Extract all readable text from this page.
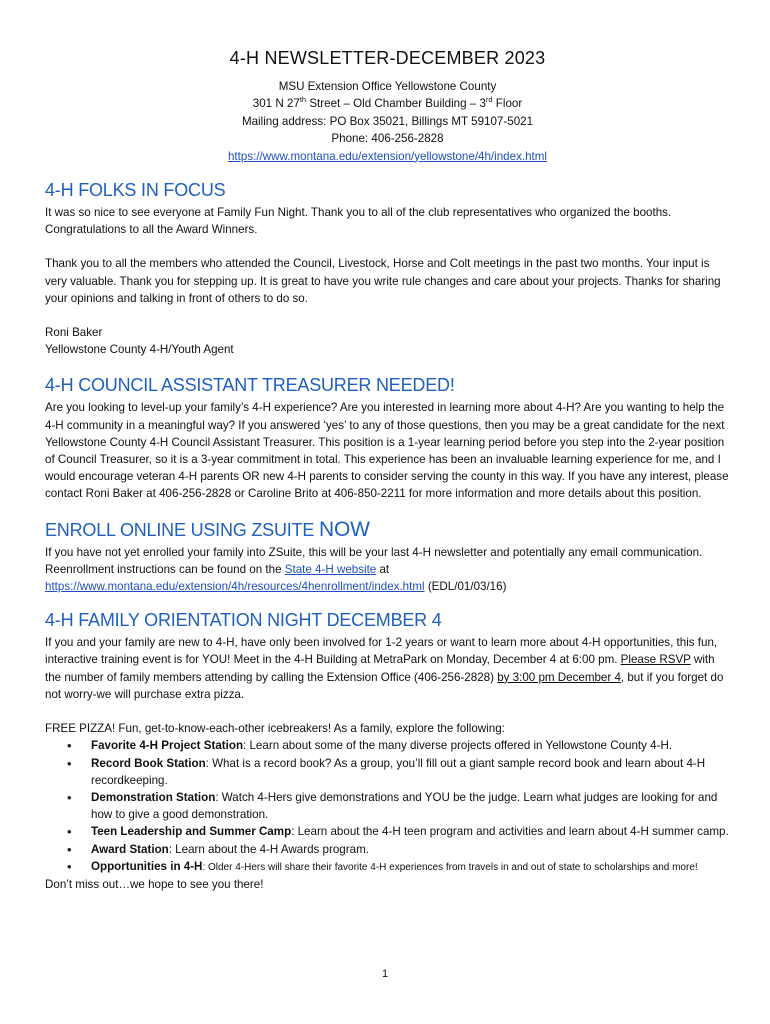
4-H NEWSLETTER-DECEMBER 2023
MSU Extension Office Yellowstone County
301 N 27th Street – Old Chamber Building – 3rd Floor
Mailing address: PO Box 35021, Billings MT 59107-5021
Phone: 406-256-2828
https://www.montana.edu/extension/yellowstone/4h/index.html
4-H FOLKS IN FOCUS

It was so nice to see everyone at Family Fun Night. Thank you to all of the club representatives who organized the booths. Congratulations to all the Award Winners.

Thank you to all the members who attended the Council, Livestock, Horse and Colt meetings in the past two months. Your input is very valuable. Thank you for stepping up. It is great to have you write rule changes and care about your projects. Thanks for sharing your opinions and talking in front of others to do so.

Roni Baker

Yellowstone County 4-H/Youth Agent

4-H COUNCIL ASSISTANT TREASURER NEEDED!

Are you looking to level-up your family’s 4-H experience? Are you interested in learning more about 4-H? Are you wanting to help the 4-H community in a meaningful way? If you answered ‘yes’ to any of those questions, then you may be a great candidate for the next Yellowstone County 4-H Council Assistant Treasurer. This position is a 1-year learning period before you step into the 2-year position of Council Treasurer, so it is a 3-year commitment in total. This experience has been an invaluable learning experience for me, and I would encourage veteran 4-H parents OR new 4-H parents to consider serving the county in this way. If you have any interest, please contact Roni Baker at 406-256-2828 or Caroline Brito at 406-850-2211 for more information and more details about this position.

ENROLL ONLINE USING ZSUITE NOW

If you have not yet enrolled your family into ZSuite, this will be your last 4-H newsletter and potentially any email communication. Reenrollment instructions can be found on the State 4-H website at https://www.montana.edu/extension/4h/resources/4henrollment/index.html (EDL/01/03/16)

4-H FAMILY ORIENTATION NIGHT DECEMBER 4

If you and your family are new to 4-H, have only been involved for 1-2 years or want to learn more about 4-H opportunities, this fun, interactive training event is for YOU! Meet in the 4-H Building at MetraPark on Monday, December 4 at 6:00 pm. Please RSVP with the number of family members attending by calling the Extension Office (406-256-2828) by 3:00 pm December 4, but if you forget do not worry-we will purchase extra pizza.

FREE PIZZA! Fun, get-to-know-each-other icebreakers! As a family, explore the following:

• Favorite 4-H Project Station: Learn about some of the many diverse projects offered in Yellowstone County 4-H.
• Record Book Station: What is a record book? As a group, you’ll fill out a giant sample record book and learn about 4-H recordkeeping.
• Demonstration Station: Watch 4-Hers give demonstrations and YOU be the judge. Learn what judges are looking for and how to give a good demonstration.
• Teen Leadership and Summer Camp: Learn about the 4-H teen program and activities and learn about 4-H summer camp.
• Award Station: Learn about the 4-H Awards program.
• Opportunities in 4-H: Older 4-Hers will share their favorite 4-H experiences from travels in and out of state to scholarships and more!

Don’t miss out…we hope to see you there!

1
